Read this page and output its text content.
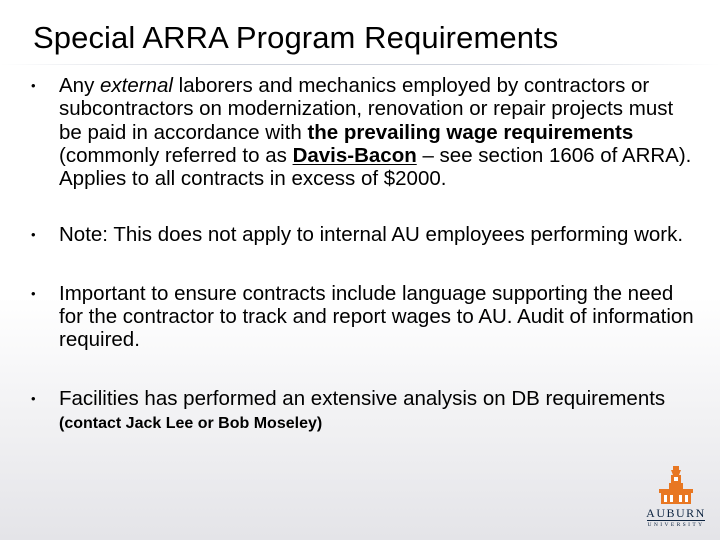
Special ARRA Program Requirements
• Any external laborers and mechanics employed by contractors or subcontractors on modernization, renovation or repair projects must be paid in accordance with the prevailing wage requirements (commonly referred to as Davis-Bacon – see section 1606 of ARRA). Applies to all contracts in excess of $2000.
• Note: This does not apply to internal AU employees performing work.
• Important to ensure contracts include language supporting the need for the contractor to track and report wages to AU. Audit of information required.
• Facilities has performed an extensive analysis on DB requirements (contact Jack Lee or Bob Moseley)
AUBURN
UNIVERSITY
